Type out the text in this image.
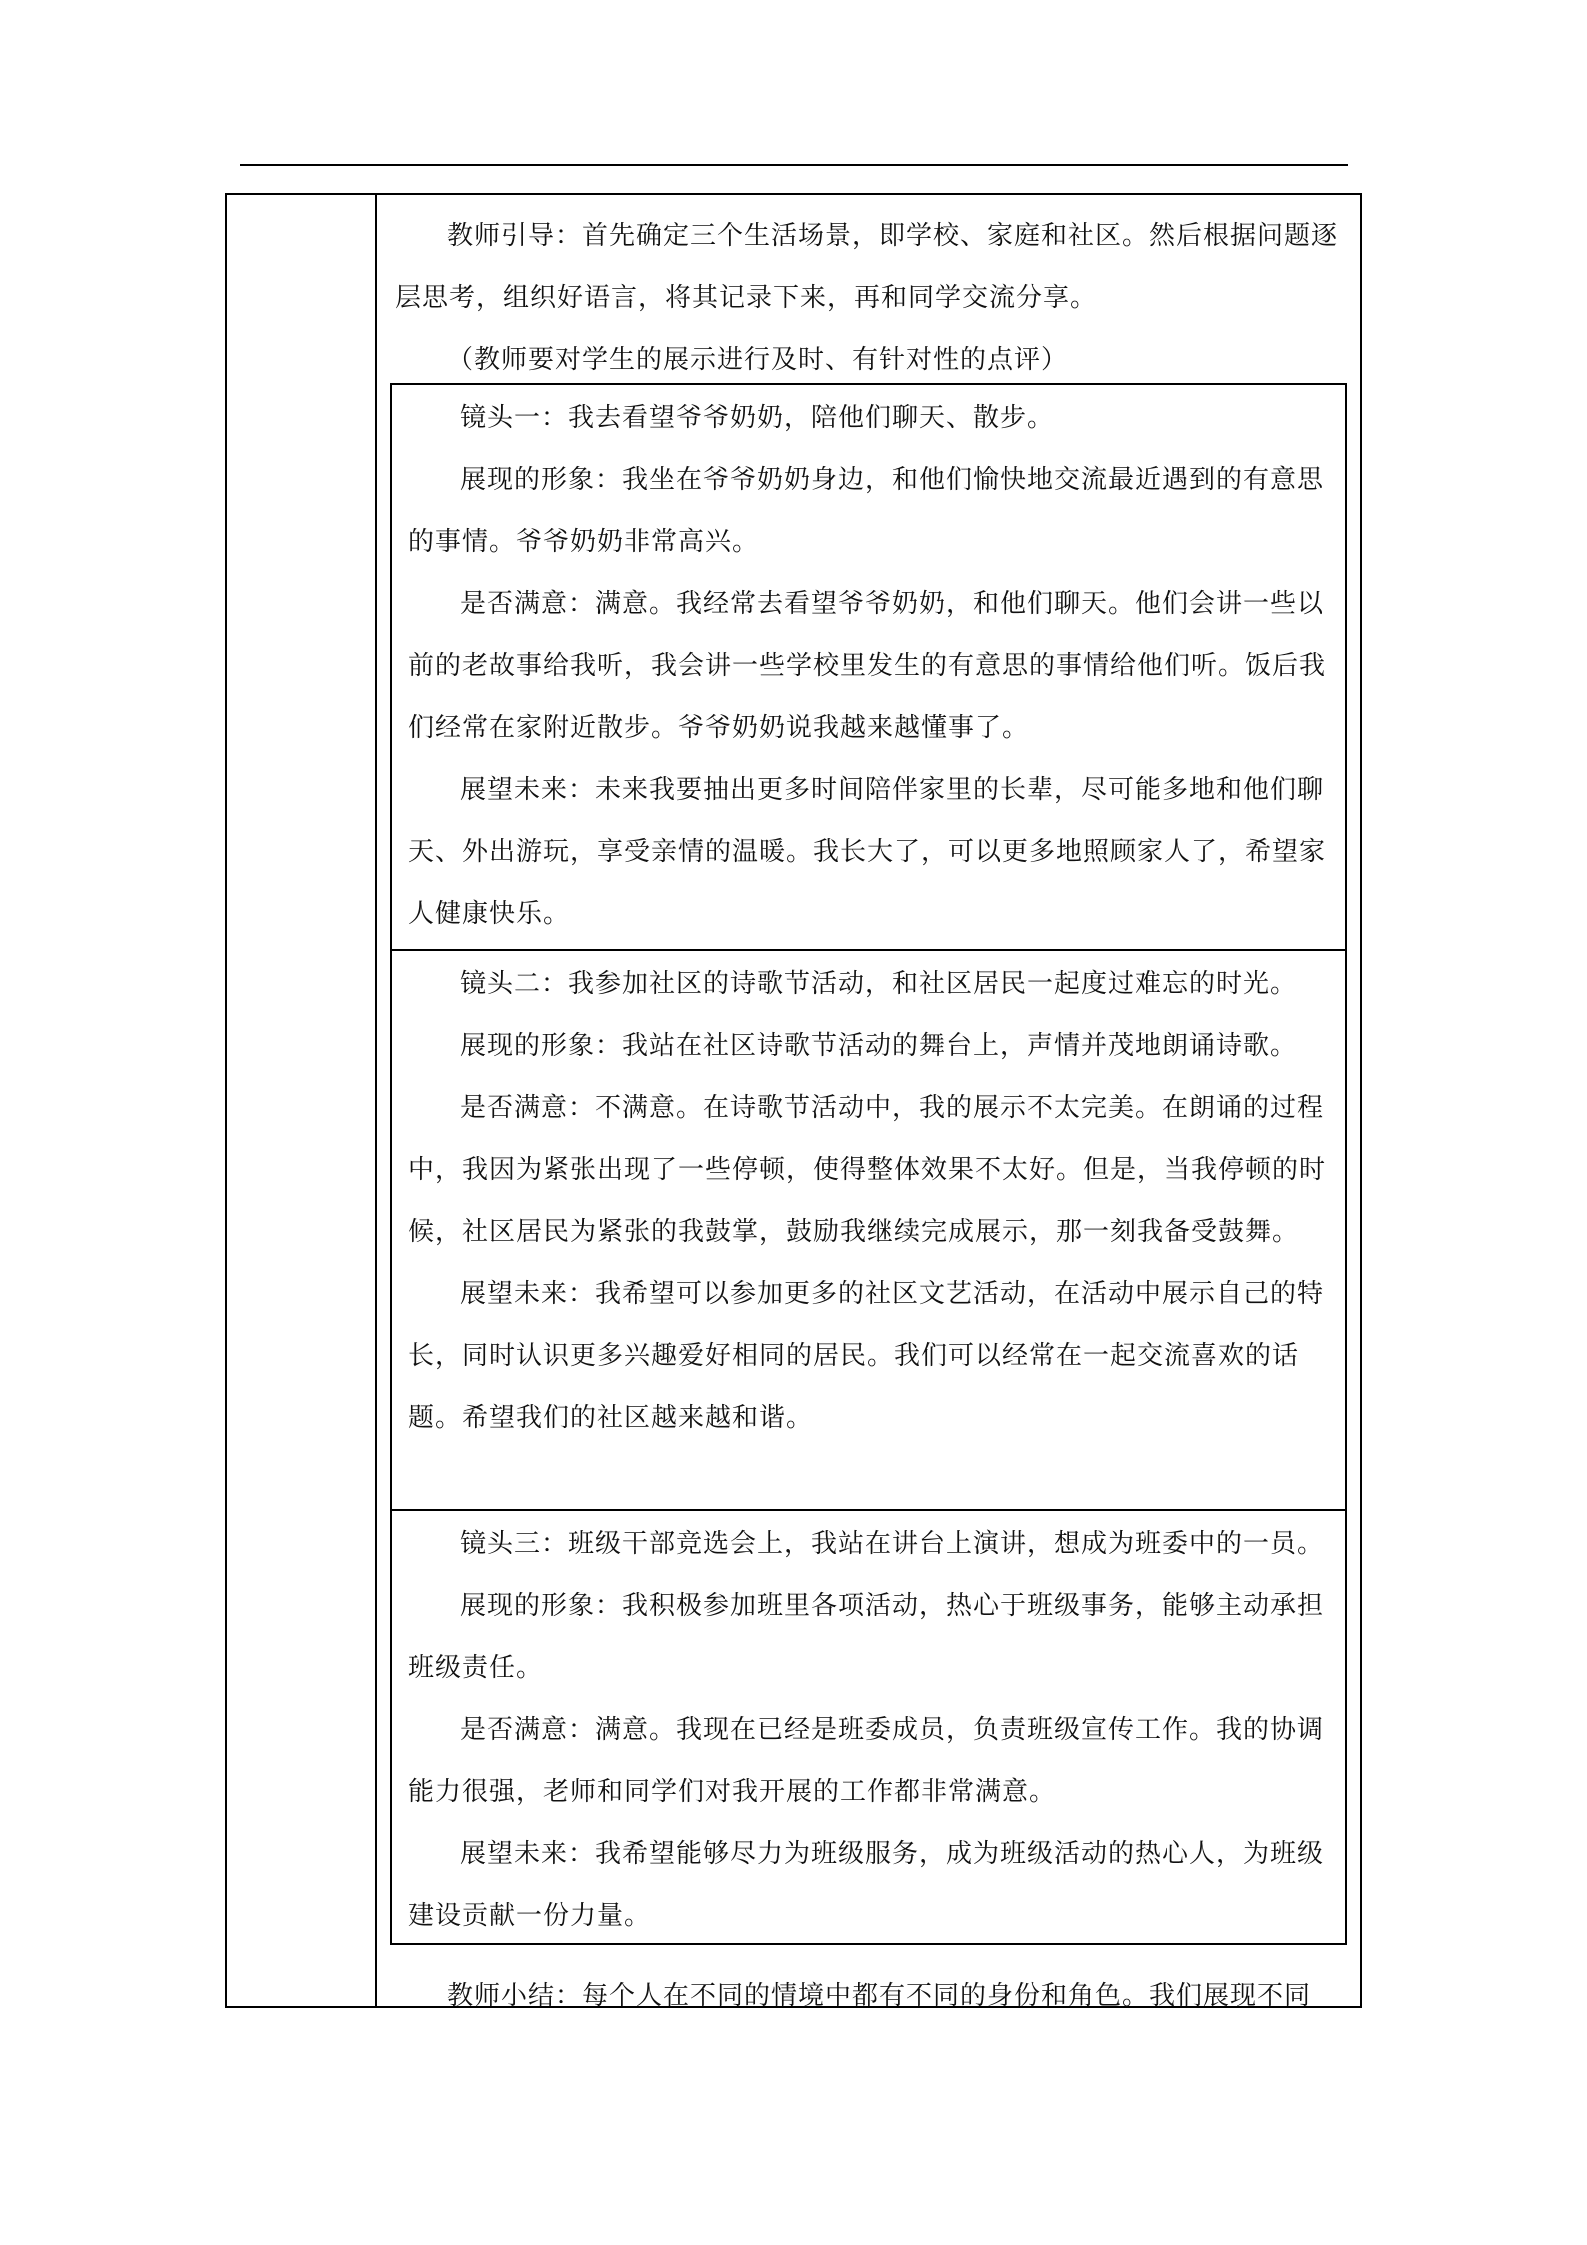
教师引导：首先确定三个生活场景，即学校、家庭和社区。然后根据问题逐层思考，组织好语言，将其记录下来，再和同学交流分享。

（教师要对学生的展示进行及时、有针对性的点评）

镜头一：我去看望爷爷奶奶，陪他们聊天、散步。

展现的形象：我坐在爷爷奶奶身边，和他们愉快地交流最近遇到的有意思的事情。爷爷奶奶非常高兴。

是否满意：满意。我经常去看望爷爷奶奶，和他们聊天。他们会讲一些以前的老故事给我听，我会讲一些学校里发生的有意思的事情给他们听。饭后我们经常在家附近散步。爷爷奶奶说我越来越懂事了。

展望未来：未来我要抽出更多时间陪伴家里的长辈，尽可能多地和他们聊天、外出游玩，享受亲情的温暖。我长大了，可以更多地照顾家人了，希望家人健康快乐。

镜头二：我参加社区的诗歌节活动，和社区居民一起度过难忘的时光。

展现的形象：我站在社区诗歌节活动的舞台上，声情并茂地朗诵诗歌。

是否满意：不满意。在诗歌节活动中，我的展示不太完美。在朗诵的过程中，我因为紧张出现了一些停顿，使得整体效果不太好。但是，当我停顿的时候，社区居民为紧张的我鼓掌，鼓励我继续完成展示，那一刻我备受鼓舞。

展望未来：我希望可以参加更多的社区文艺活动，在活动中展示自己的特长，同时认识更多兴趣爱好相同的居民。我们可以经常在一起交流喜欢的话题。希望我们的社区越来越和谐。

镜头三：班级干部竞选会上，我站在讲台上演讲，想成为班委中的一员。

展现的形象：我积极参加班里各项活动，热心于班级事务，能够主动承担班级责任。

是否满意：满意。我现在已经是班委成员，负责班级宣传工作。我的协调能力很强，老师和同学们对我开展的工作都非常满意。

展望未来：我希望能够尽力为班级服务，成为班级活动的热心人，为班级建设贡献一份力量。

教师小结：每个人在不同的情境中都有不同的身份和角色。我们展现不同
